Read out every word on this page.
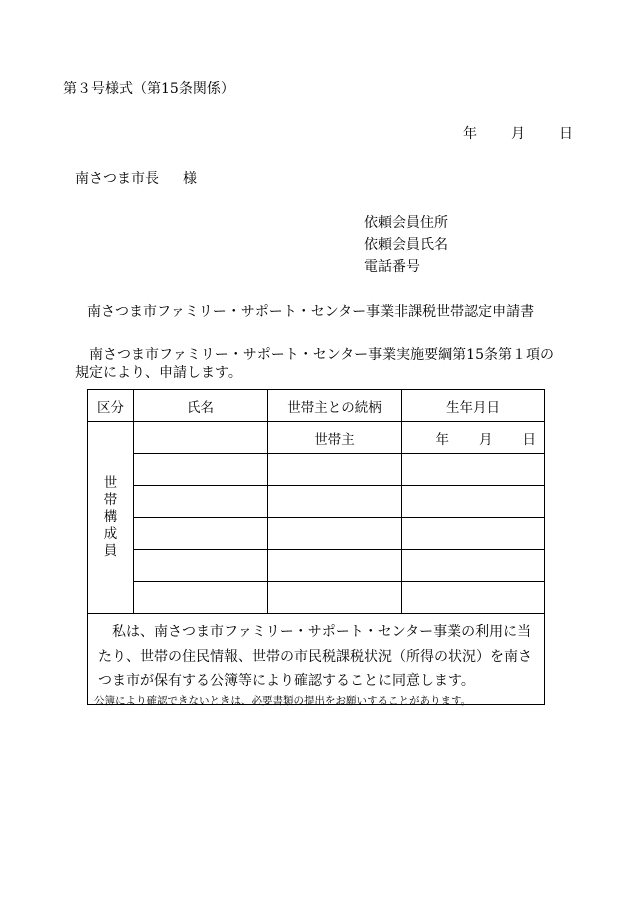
第３号様式（第15条関係）
年 月 日
南さつま市長 様
依頼会員住所
依頼会員氏名
電話番号
南さつま市ファミリー・サポート・センター事業非課税世帯認定申請書
南さつま市ファミリー・サポート・センター事業実施要綱第15条第１項の
規定により、申請します。
区分	氏名	世帯主との続柄	生年月日
世帯構成員		世帯主	年 月 日

私は、南さつま市ファミリー・サポート・センター事業の利用に当たり、世帯の住民情報、世帯の市民税課税状況（所得の状況）を南さつま市が保有する公簿等により確認することに同意します。			
公簿により確認できないときは、必要書類の提出をお願いすることがあります。
